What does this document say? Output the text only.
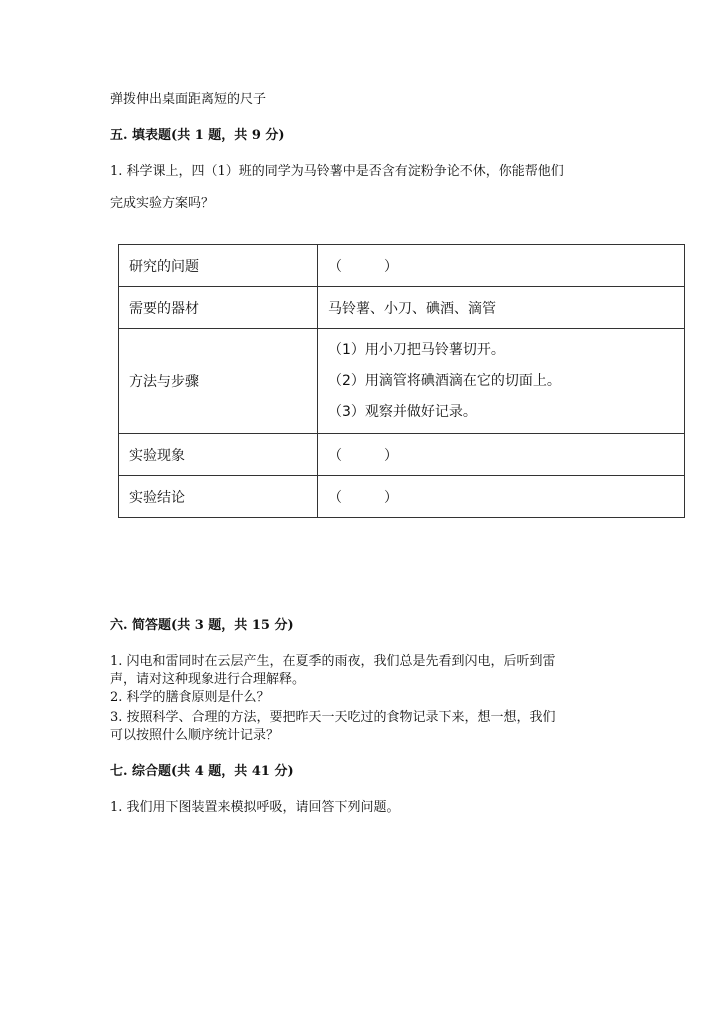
弹拨伸出桌面距离短的尺子
五. 填表题(共 1 题，共 9 分)
1. 科学课上，四（1）班的同学为马铃薯中是否含有淀粉争论不休，你能帮他们
完成实验方案吗？
研究的问题	（　　　）
需要的器材	马铃薯、小刀、碘酒、滴管
方法与步骤	（1）用小刀把马铃薯切开。
（2）用滴管将碘酒滴在它的切面上。
（3）观察并做好记录。

实验现象	（　　　）
实验结论	（　　　）
六. 简答题(共 3 题，共 15 分)
1. 闪电和雷同时在云层产生，在夏季的雨夜，我们总是先看到闪电，后听到雷
声，请对这种现象进行合理解释。
2. 科学的膳食原则是什么？
3. 按照科学、合理的方法，要把昨天一天吃过的食物记录下来，想一想，我们
可以按照什么顺序统计记录？
七. 综合题(共 4 题，共 41 分)
1. 我们用下图装置来模拟呼吸，请回答下列问题。
